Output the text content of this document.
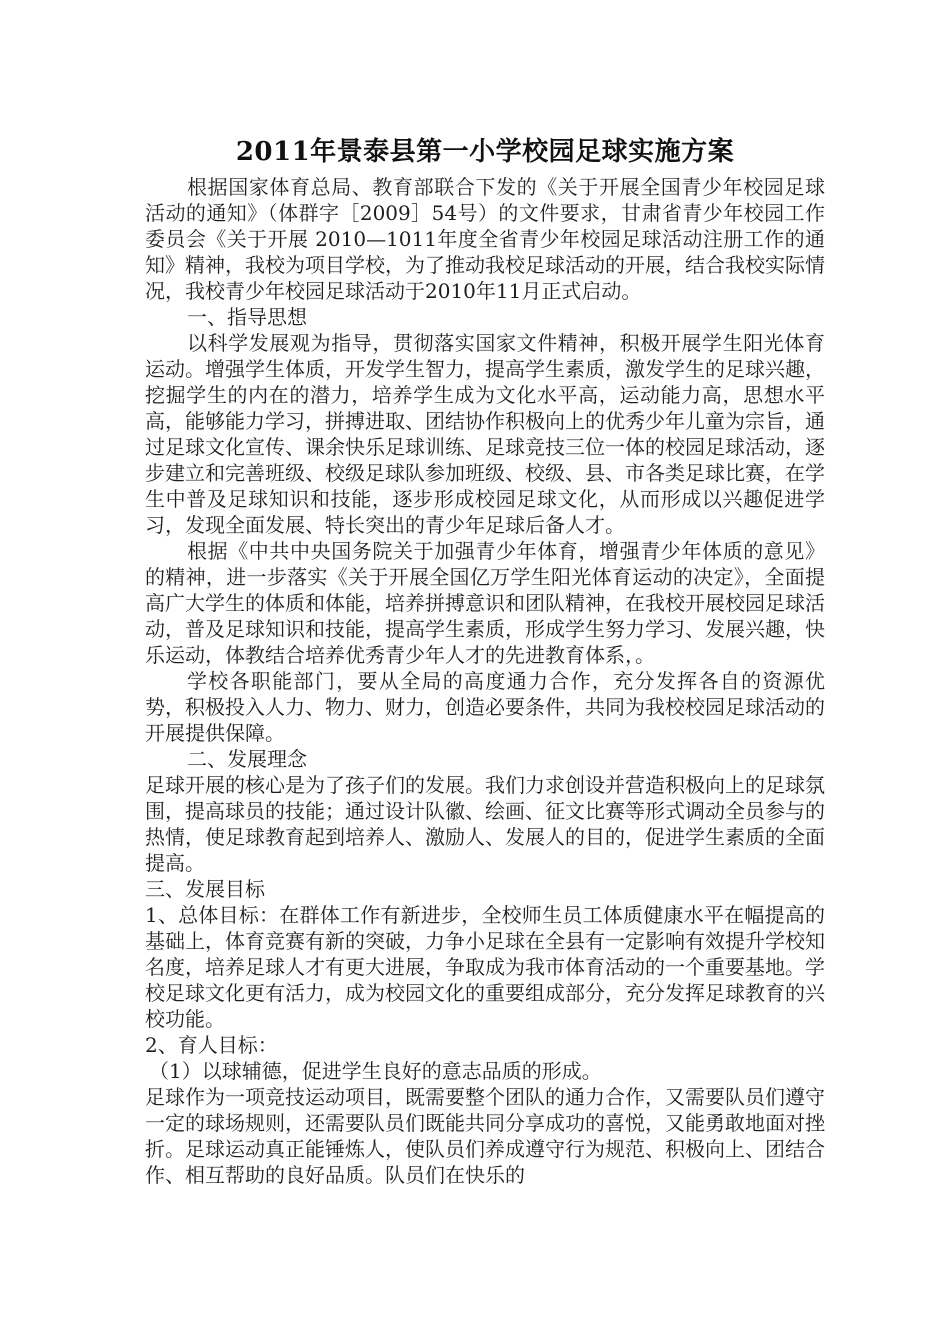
2011年景泰县第一小学校园足球实施方案

根据国家体育总局、教育部联合下发的《关于开展全国青少年校园足球活动的通知》（体群字［2009］54号）的文件要求，甘肃省青少年校园工作委员会《关于开展 2010—1011年度全省青少年校园足球活动注册工作的通知》精神，我校为项目学校，为了推动我校足球活动的开展，结合我校实际情况，我校青少年校园足球活动于2010年11月正式启动。

一、指导思想

以科学发展观为指导，贯彻落实国家文件精神，积极开展学生阳光体育运动。增强学生体质，开发学生智力，提高学生素质，激发学生的足球兴趣，挖掘学生的内在的潜力，培养学生成为文化水平高，运动能力高，思想水平高，能够能力学习，拼搏进取、团结协作积极向上的优秀少年儿童为宗旨，通过足球文化宣传、课余快乐足球训练、足球竞技三位一体的校园足球活动，逐步建立和完善班级、校级足球队参加班级、校级、县、市各类足球比赛，在学生中普及足球知识和技能，逐步形成校园足球文化，从而形成以兴趣促进学习，发现全面发展、特长突出的青少年足球后备人才。

根据《中共中央国务院关于加强青少年体育，增强青少年体质的意见》的精神，进一步落实《关于开展全国亿万学生阳光体育运动的决定》，全面提高广大学生的体质和体能，培养拼搏意识和团队精神，在我校开展校园足球活动，普及足球知识和技能，提高学生素质，形成学生努力学习、发展兴趣，快乐运动，体教结合培养优秀青少年人才的先进教育体系，。

学校各职能部门，要从全局的高度通力合作，充分发挥各自的资源优势，积极投入人力、物力、财力，创造必要条件，共同为我校校园足球活动的开展提供保障。

二、发展理念

足球开展的核心是为了孩子们的发展。我们力求创设并营造积极向上的足球氛围，提高球员的技能；通过设计队徽、绘画、征文比赛等形式调动全员参与的热情，使足球教育起到培养人、激励人、发展人的目的，促进学生素质的全面提高。

三、发展目标

1、总体目标：在群体工作有新进步，全校师生员工体质健康水平在幅提高的基础上，体育竞赛有新的突破，力争小足球在全县有一定影响有效提升学校知名度，培养足球人才有更大进展，争取成为我市体育活动的一个重要基地。学校足球文化更有活力，成为校园文化的重要组成部分，充分发挥足球教育的兴校功能。

2、育人目标：

（1）以球辅德，促进学生良好的意志品质的形成。

足球作为一项竞技运动项目，既需要整个团队的通力合作，又需要队员们遵守一定的球场规则，还需要队员们既能共同分享成功的喜悦，又能勇敢地面对挫折。足球运动真正能锤炼人，使队员们养成遵守行为规范、积极向上、团结合作、相互帮助的良好品质。队员们在快乐的
